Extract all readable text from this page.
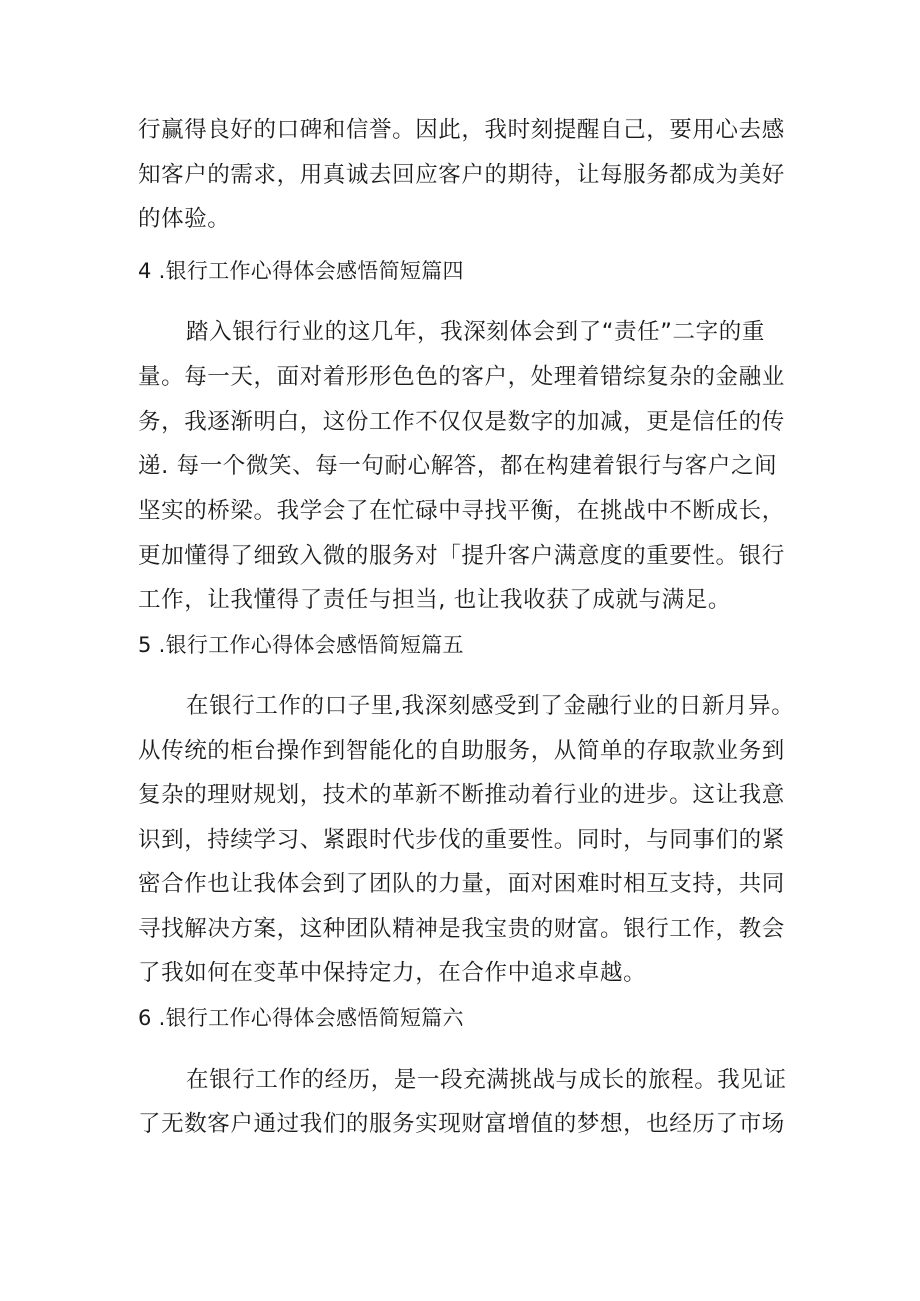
行赢得良好的口碑和信誉。因此，我时刻提醒自己，要用心去感
知客户的需求，用真诚去回应客户的期待，让每服务都成为美好
的体验。
4 .银行工作心得体会感悟简短篇四
踏入银行行业的这几年，我深刻体会到了“责任”二字的重
量。每一天，面对着形形色色的客户，处理着错综复杂的金融业
务，我逐渐明白，这份工作不仅仅是数字的加减，更是信任的传
递. 每一个微笑、每一句耐心解答，都在构建着银行与客户之间
坚实的桥梁。我学会了在忙碌中寻找平衡，在挑战中不断成长，
更加懂得了细致入微的服务对「提升客户满意度的重要性。银行
工作，让我懂得了责任与担当, 也让我收获了成就与满足。
5 .银行工作心得体会感悟简短篇五
在银行工作的口子里,我深刻感受到了金融行业的日新月异。
从传统的柜台操作到智能化的自助服务，从简单的存取款业务到
复杂的理财规划，技术的革新不断推动着行业的进步。这让我意
识到，持续学习、紧跟时代步伐的重要性。同时，与同事们的紧
密合作也让我体会到了团队的力量，面对困难时相互支持，共同
寻找解决方案，这种团队精神是我宝贵的财富。银行工作，教会
了我如何在变革中保持定力，在合作中追求卓越。
6 .银行工作心得体会感悟简短篇六
在银行工作的经历，是一段充满挑战与成长的旅程。我见证
了无数客户通过我们的服务实现财富增值的梦想，也经历了市场
